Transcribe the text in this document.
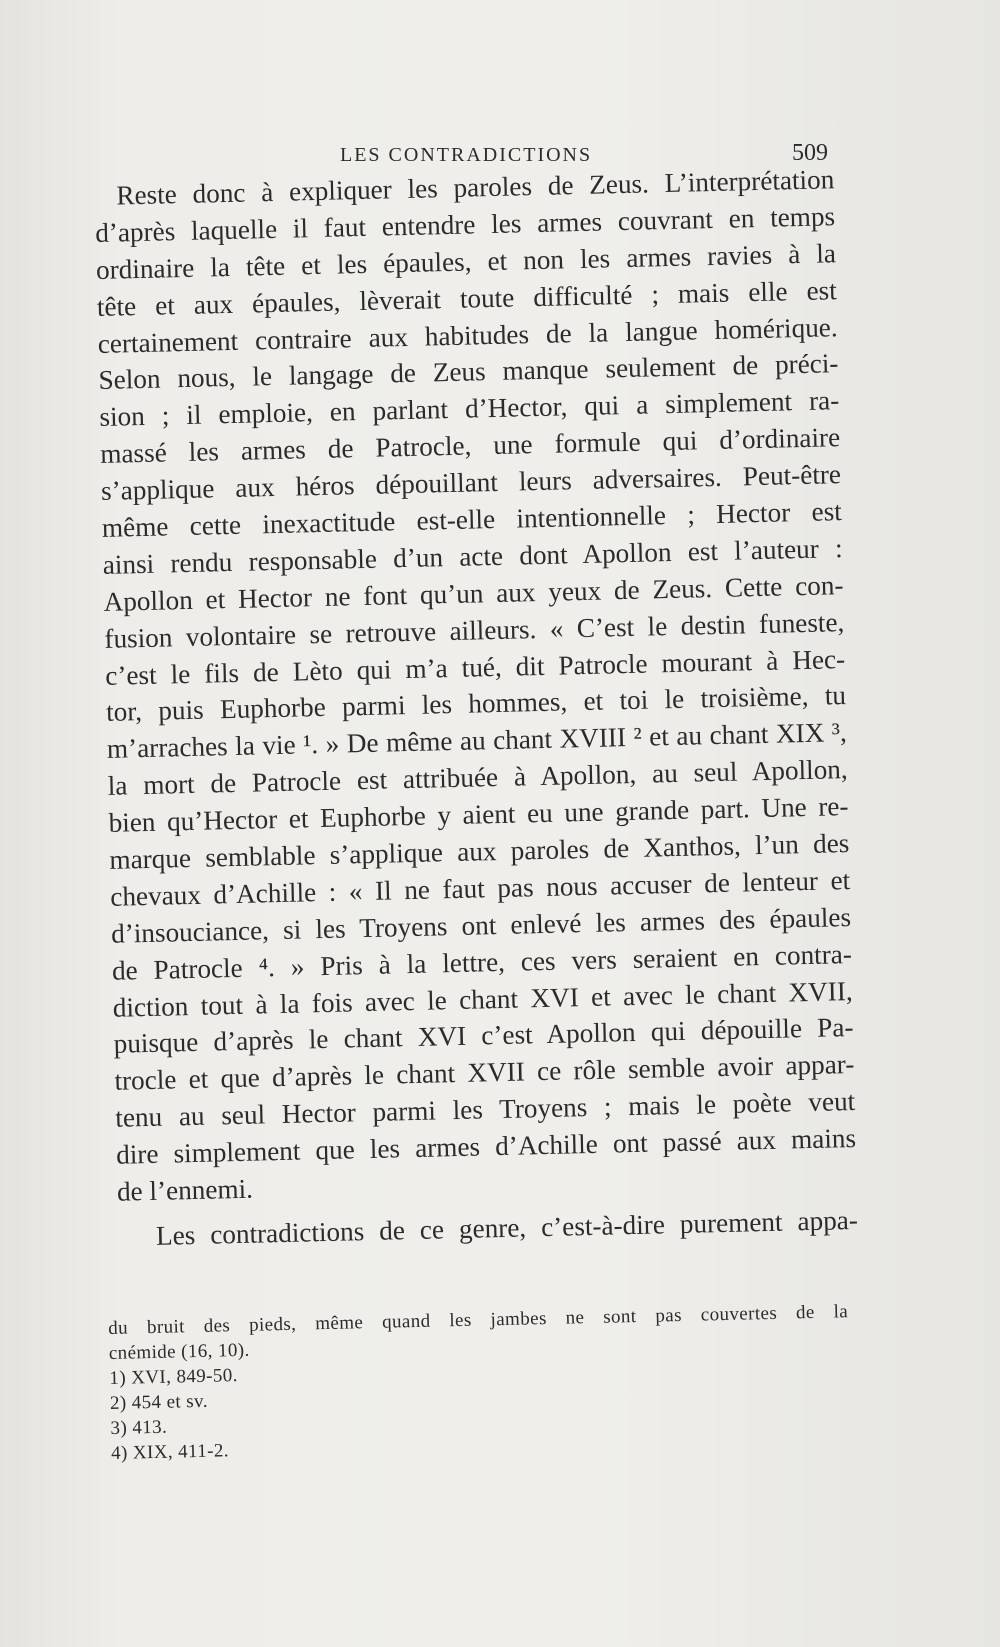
LES CONTRADICTIONS	509
Reste donc à expliquer les paroles de Zeus. L’interprétation
d’après laquelle il faut entendre les armes couvrant en temps
ordinaire la tête et les épaules, et non les armes ravies à la
tête et aux épaules, lèverait toute difficulté ; mais elle est
certainement contraire aux habitudes de la langue homérique.
Selon nous, le langage de Zeus manque seulement de préci-
sion ; il emploie, en parlant d’Hector, qui a simplement ra-
massé les armes de Patrocle, une formule qui d’ordinaire
s’applique aux héros dépouillant leurs adversaires. Peut-être
même cette inexactitude est-elle intentionnelle ; Hector est
ainsi rendu responsable d’un acte dont Apollon est l’auteur :
Apollon et Hector ne font qu’un aux yeux de Zeus. Cette con-
fusion volontaire se retrouve ailleurs. « C’est le destin funeste,
c’est le fils de Lèto qui m’a tué, dit Patrocle mourant à Hec-
tor, puis Euphorbe parmi les hommes, et toi le troisième, tu
m’arraches la vie ¹. » De même au chant XVIII ² et au chant XIX ³,
la mort de Patrocle est attribuée à Apollon, au seul Apollon,
bien qu’Hector et Euphorbe y aient eu une grande part. Une re-
marque semblable s’applique aux paroles de Xanthos, l’un des
chevaux d’Achille : « Il ne faut pas nous accuser de lenteur et
d’insouciance, si les Troyens ont enlevé les armes des épaules
de Patrocle ⁴. » Pris à la lettre, ces vers seraient en contra-
diction tout à la fois avec le chant XVI et avec le chant XVII,
puisque d’après le chant XVI c’est Apollon qui dépouille Pa-
trocle et que d’après le chant XVII ce rôle semble avoir appar-
tenu au seul Hector parmi les Troyens ; mais le poète veut
dire simplement que les armes d’Achille ont passé aux mains
de l’ennemi.
Les contradictions de ce genre, c’est-à-dire purement appa-
du bruit des pieds, même quand les jambes ne sont pas couvertes de la
cnémide (16, 10).
1) XVI, 849-50.
2) 454 et sv.
3) 413.
4) XIX, 411-2.
